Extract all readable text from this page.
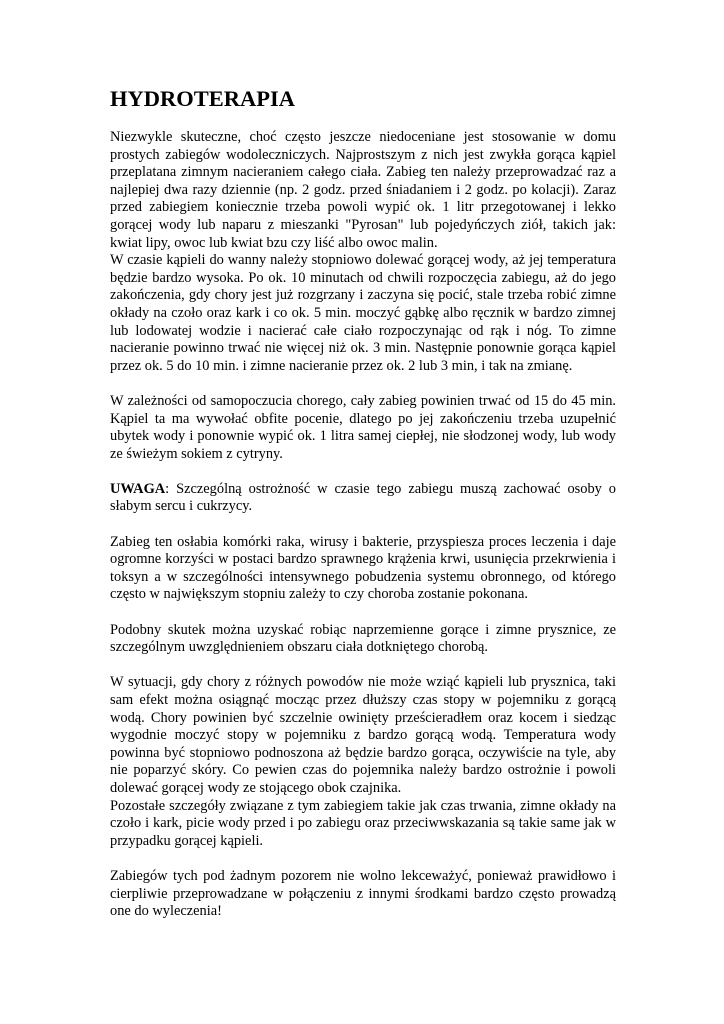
HYDROTERAPIA

Niezwykle skuteczne, choć często jeszcze niedoceniane jest stosowanie w domu prostych zabiegów wodoleczniczych. Najprostszym z nich jest zwykła gorąca kąpiel przeplatana zimnym nacieraniem całego ciała. Zabieg ten należy przeprowadzać raz a najlepiej dwa razy dziennie (np. 2 godz. przed śniadaniem i 2 godz. po kolacji). Zaraz przed zabiegiem koniecznie trzeba powoli wypić ok. 1 litr przegotowanej i lekko gorącej wody lub naparu z mieszanki "Pyrosan" lub pojedyńczych ziół, takich jak: kwiat lipy, owoc lub kwiat bzu czy liść albo owoc malin.

W czasie kąpieli do wanny należy stopniowo dolewać gorącej wody, aż jej temperatura będzie bardzo wysoka. Po ok. 10 minutach od chwili rozpoczęcia zabiegu, aż do jego zakończenia, gdy chory jest już rozgrzany i zaczyna się pocić, stale trzeba robić zimne okłady na czoło oraz kark i co ok. 5 min. moczyć gąbkę albo ręcznik w bardzo zimnej lub lodowatej wodzie i nacierać całe ciało rozpoczynając od rąk i nóg. To zimne nacieranie powinno trwać nie więcej niż ok. 3 min. Następnie ponownie gorąca kąpiel przez ok. 5 do 10 min. i zimne nacieranie przez ok. 2 lub 3 min, i tak na zmianę.

W zależności od samopoczucia chorego, cały zabieg powinien trwać od 15 do 45 min. Kąpiel ta ma wywołać obfite pocenie, dlatego po jej zakończeniu trzeba uzupełnić ubytek wody i ponownie wypić ok. 1 litra samej ciepłej, nie słodzonej wody, lub wody ze świeżym sokiem z cytryny.

UWAGA: Szczególną ostrożność w czasie tego zabiegu muszą zachować osoby o słabym sercu i cukrzycy.

Zabieg ten osłabia komórki raka, wirusy i bakterie, przyspiesza proces leczenia i daje ogromne korzyści w postaci bardzo sprawnego krążenia krwi, usunięcia przekrwienia i toksyn a w szczególności intensywnego pobudzenia systemu obronnego, od którego często w największym stopniu zależy to czy choroba zostanie pokonana.

Podobny skutek można uzyskać robiąc naprzemienne gorące i zimne prysznice, ze szczególnym uwzględnieniem obszaru ciała dotkniętego chorobą.

W sytuacji, gdy chory z różnych powodów nie może wziąć kąpieli lub prysznica, taki sam efekt można osiągnąć mocząc przez dłuższy czas stopy w pojemniku z gorącą wodą. Chory powinien być szczelnie owinięty prześcieradłem oraz kocem i siedząc wygodnie moczyć stopy w pojemniku z bardzo gorącą wodą. Temperatura wody powinna być stopniowo podnoszona aż będzie bardzo gorąca, oczywiście na tyle, aby nie poparzyć skóry. Co pewien czas do pojemnika należy bardzo ostrożnie i powoli dolewać gorącej wody ze stojącego obok czajnika.

Pozostałe szczegóły związane z tym zabiegiem takie jak czas trwania, zimne okłady na czoło i kark, picie wody przed i po zabiegu oraz przeciwwskazania są takie same jak w przypadku gorącej kąpieli.

Zabiegów tych pod żadnym pozorem nie wolno lekceważyć, ponieważ prawidłowo i cierpliwie przeprowadzane w połączeniu z innymi środkami bardzo często prowadzą one do wyleczenia!
